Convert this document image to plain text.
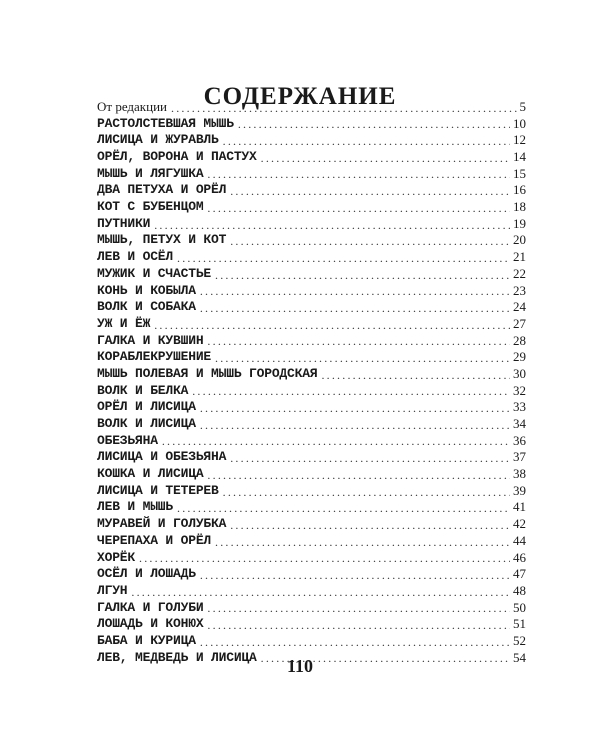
СОДЕРЖАНИЕ
От редакции . . .	5
РАСТОЛСТЕВШАЯ МЫШЬ . . .	10
ЛИСИЦА И ЖУРАВЛЬ . . .	12
ОРЁЛ, ВОРОНА И ПАСТУХ . . .	14
МЫШЬ И ЛЯГУШКА . . .	15
ДВА ПЕТУХА И ОРЁЛ . . .	16
КОТ С БУБЕНЦОМ . . .	18
ПУТНИКИ . . .	19
МЫШЬ, ПЕТУХ И КОТ . . .	20
ЛЕВ И ОСЁЛ . . .	21
МУЖИК И СЧАСТЬЕ . . .	22
КОНЬ И КОБЫЛА . . .	23
ВОЛК И СОБАКА . . .	24
УЖ И ЁЖ . . .	27
ГАЛКА И КУВШИН . . .	28
КОРАБЛЕКРУШЕНИЕ . . .	29
МЫШЬ ПОЛЕВАЯ И МЫШЬ ГОРОДСКАЯ . . .	30
ВОЛК И БЕЛКА . . .	32
ОРЁЛ И ЛИСИЦА . . .	33
ВОЛК И ЛИСИЦА . . .	34
ОБЕЗЬЯНА . . .	36
ЛИСИЦА И ОБЕЗЬЯНА . . .	37
КОШКА И ЛИСИЦА . . .	38
ЛИСИЦА И ТЕТЕРЕВ . . .	39
ЛЕВ И МЫШЬ . . .	41
МУРАВЕЙ И ГОЛУБКА . . .	42
ЧЕРЕПАХА И ОРЁЛ . . .	44
ХОРЁК . . .	46
ОСЁЛ И ЛОШАДЬ . . .	47
ЛГУН . . .	48
ГАЛКА И ГОЛУБИ . . .	50
ЛОШАДЬ И КОНЮХ . . .	51
БАБА И КУРИЦА . . .	52
ЛЕВ, МЕДВЕДЬ И ЛИСИЦА . . .	54
110
